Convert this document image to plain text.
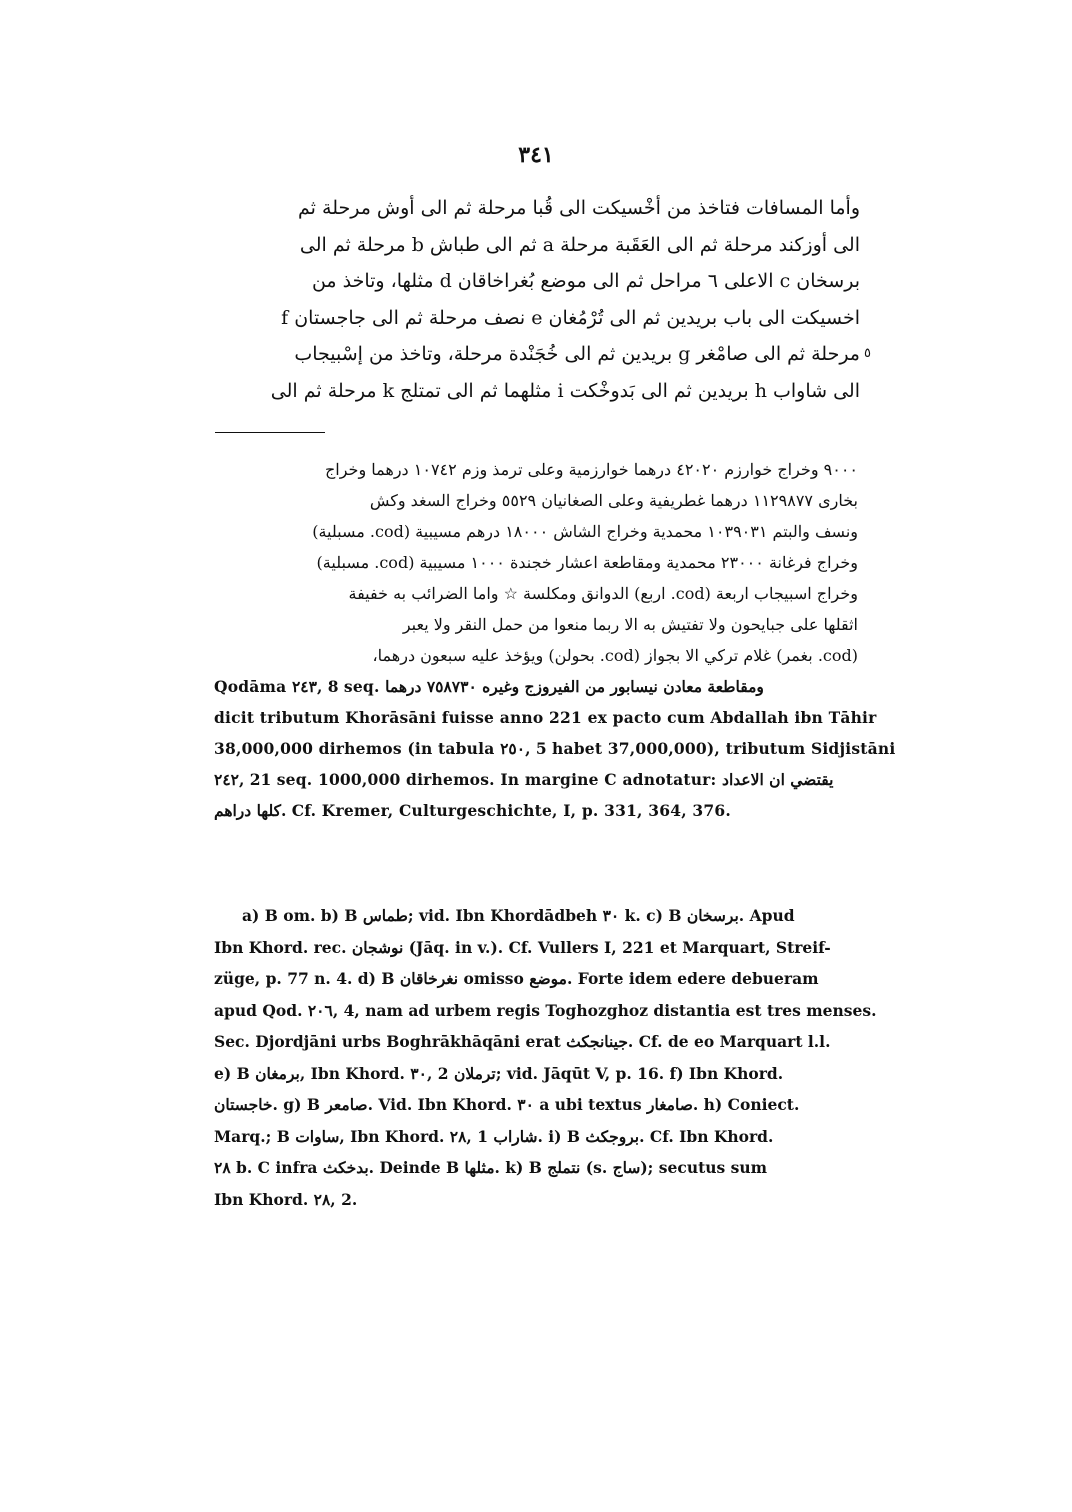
٣٤١
وأما المسافات فتاخذ من أخْسيكت الى قُبا مرحلة ثم الى أوش مرحلة ثم
الى أوزكند مرحلة ثم الى العَقَبة مرحلة a ثم الى طباش b مرحلة ثم الى
برسخان c الاعلى ٦ مراحل ثم الى موضع بُغراخاقان d مثلها، وتاخذ من
اخسيكت الى باب بريدين ثم الى تُرْمُغان e نصف مرحلة ثم الى جاجستان f
مرحلة ثم الى صامْغر g بريدين ثم الى خُجَنْدة مرحلة، وتاخذ من إسْبيجاب
الى شاواب h بريدين ثم الى بَدوخْكت i مثلهما ثم الى تمتلج k مرحلة ثم الى
٥
٩٠٠٠ وخراج خوارزم ٤٢٠٢٠ درهما خوارزمية وعلى ترمذ وزم ١٠٧٤٢ درهما وخراج
بخارى ١١٢٩٨٧٧ درهما غطريفية وعلى الصغانيان ٥٥٢٩ وخراج السغد وكش
ونسف والبتم ١٠٣٩٠٣١ محمدية وخراج الشاش ١٨٠٠٠ درهم مسيبية (cod. مسبلية)
وخراج فرغانة ٢٣٠٠٠ محمدية ومقاطعة اعشار خجندة ١٠٠٠ مسيبية (cod. مسبلية)
وخراج اسبيجاب اربعة (cod. اربع) الدوانق ومكلسة ☆ واما الضرائب به خفيفة
اثقلها على جبايحون ولا تفتيش به الا ربما منعوا من حمل النقر ولا يعبر
(cod. بغمر) غلام تركي الا بجواز (cod. بحولن) ويؤخذ عليه سبعون درهما،
Qodāma ٢٤٣, 8 seq. ومقاطعة معادن نيسابور من الفيروزج وغيره ٧٥٨٧٣٠ درهما
dicit tributum Khorāsāni fuisse anno 221 ex pacto cum Abdallah ibn Tāhir
38,000,000 dirhemos (in tabula ٢٥٠, 5 habet 37,000,000), tributum Sidjistāni
٢٤٢, 21 seq. 1000,000 dirhemos. In margine C adnotatur: يقتضي ان الاعداد
كلها دراهم. Cf. Kremer, Culturgeschichte, I, p. 331, 364, 376.
a) B om. b) B طماس; vid. Ibn Khordādbeh ٣٠ k. c) B برسخان. Apud
Ibn Khord. rec. نوشجان (Jāq. in v.). Cf. Vullers I, 221 et Marquart, Streif-
züge, p. 77 n. 4. d) B نغرخاقان omisso موضع. Forte idem edere debueram
apud Qod. ٢٠٦, 4, nam ad urbem regis Toghozghoz distantia est tres menses.
Sec. Djordjāni urbs Boghrākhāqāni erat جينانجكث. Cf. de eo Marquart l.l.
e) B برمغان, Ibn Khord. ٣٠, 2 ترملان; vid. Jāqūt V, p. 16. f) Ibn Khord.
خاجستان. g) B صامعر. Vid. Ibn Khord. ٣٠ a ubi textus صامغار. h) Coniect.
Marq.; B ساوات, Ibn Khord. ٢٨, 1 شاراب. i) B بروجكث. Cf. Ibn Khord.
٢٨ b. C infra بدخكث. Deinde B مثلها. k) B نتملج (s. ساج); secutus sum
Ibn Khord. ٢٨, 2.
